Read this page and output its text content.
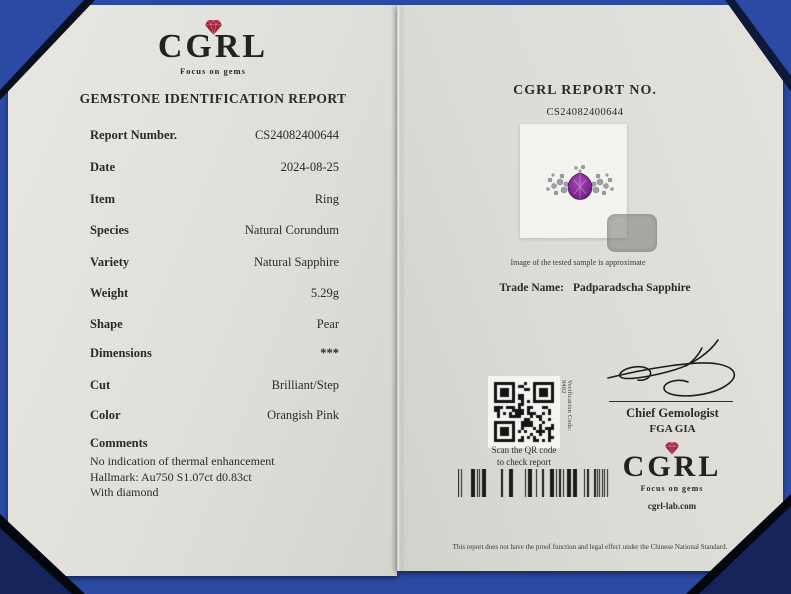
CGRL
Focus on gems
GEMSTONE IDENTIFICATION REPORT
Report Number.	CS24082400644
Date	2024-08-25
Item	Ring
Species	Natural Corundum
Variety	Natural Sapphire
Weight	5.29g
Shape	Pear
Dimensions	***
Cut	Brilliant/Step
Color	Orangish Pink
Comments
No indication of thermal enhancement
Hallmark: Au750 S1.07ct d0.83ct
With diamond
CGRL REPORT NO.
CS24082400644
Image of the tested sample is approximate
Trade Name: Padparadscha Sapphire
Verification Code: 9402
Scan the QR code
to check report
Chief Gemologist
FGA GIA
CGRL
Focus on gems
cgrl-lab.com
This report does not have the proof function and legal effect under the Chinese National Standard.
